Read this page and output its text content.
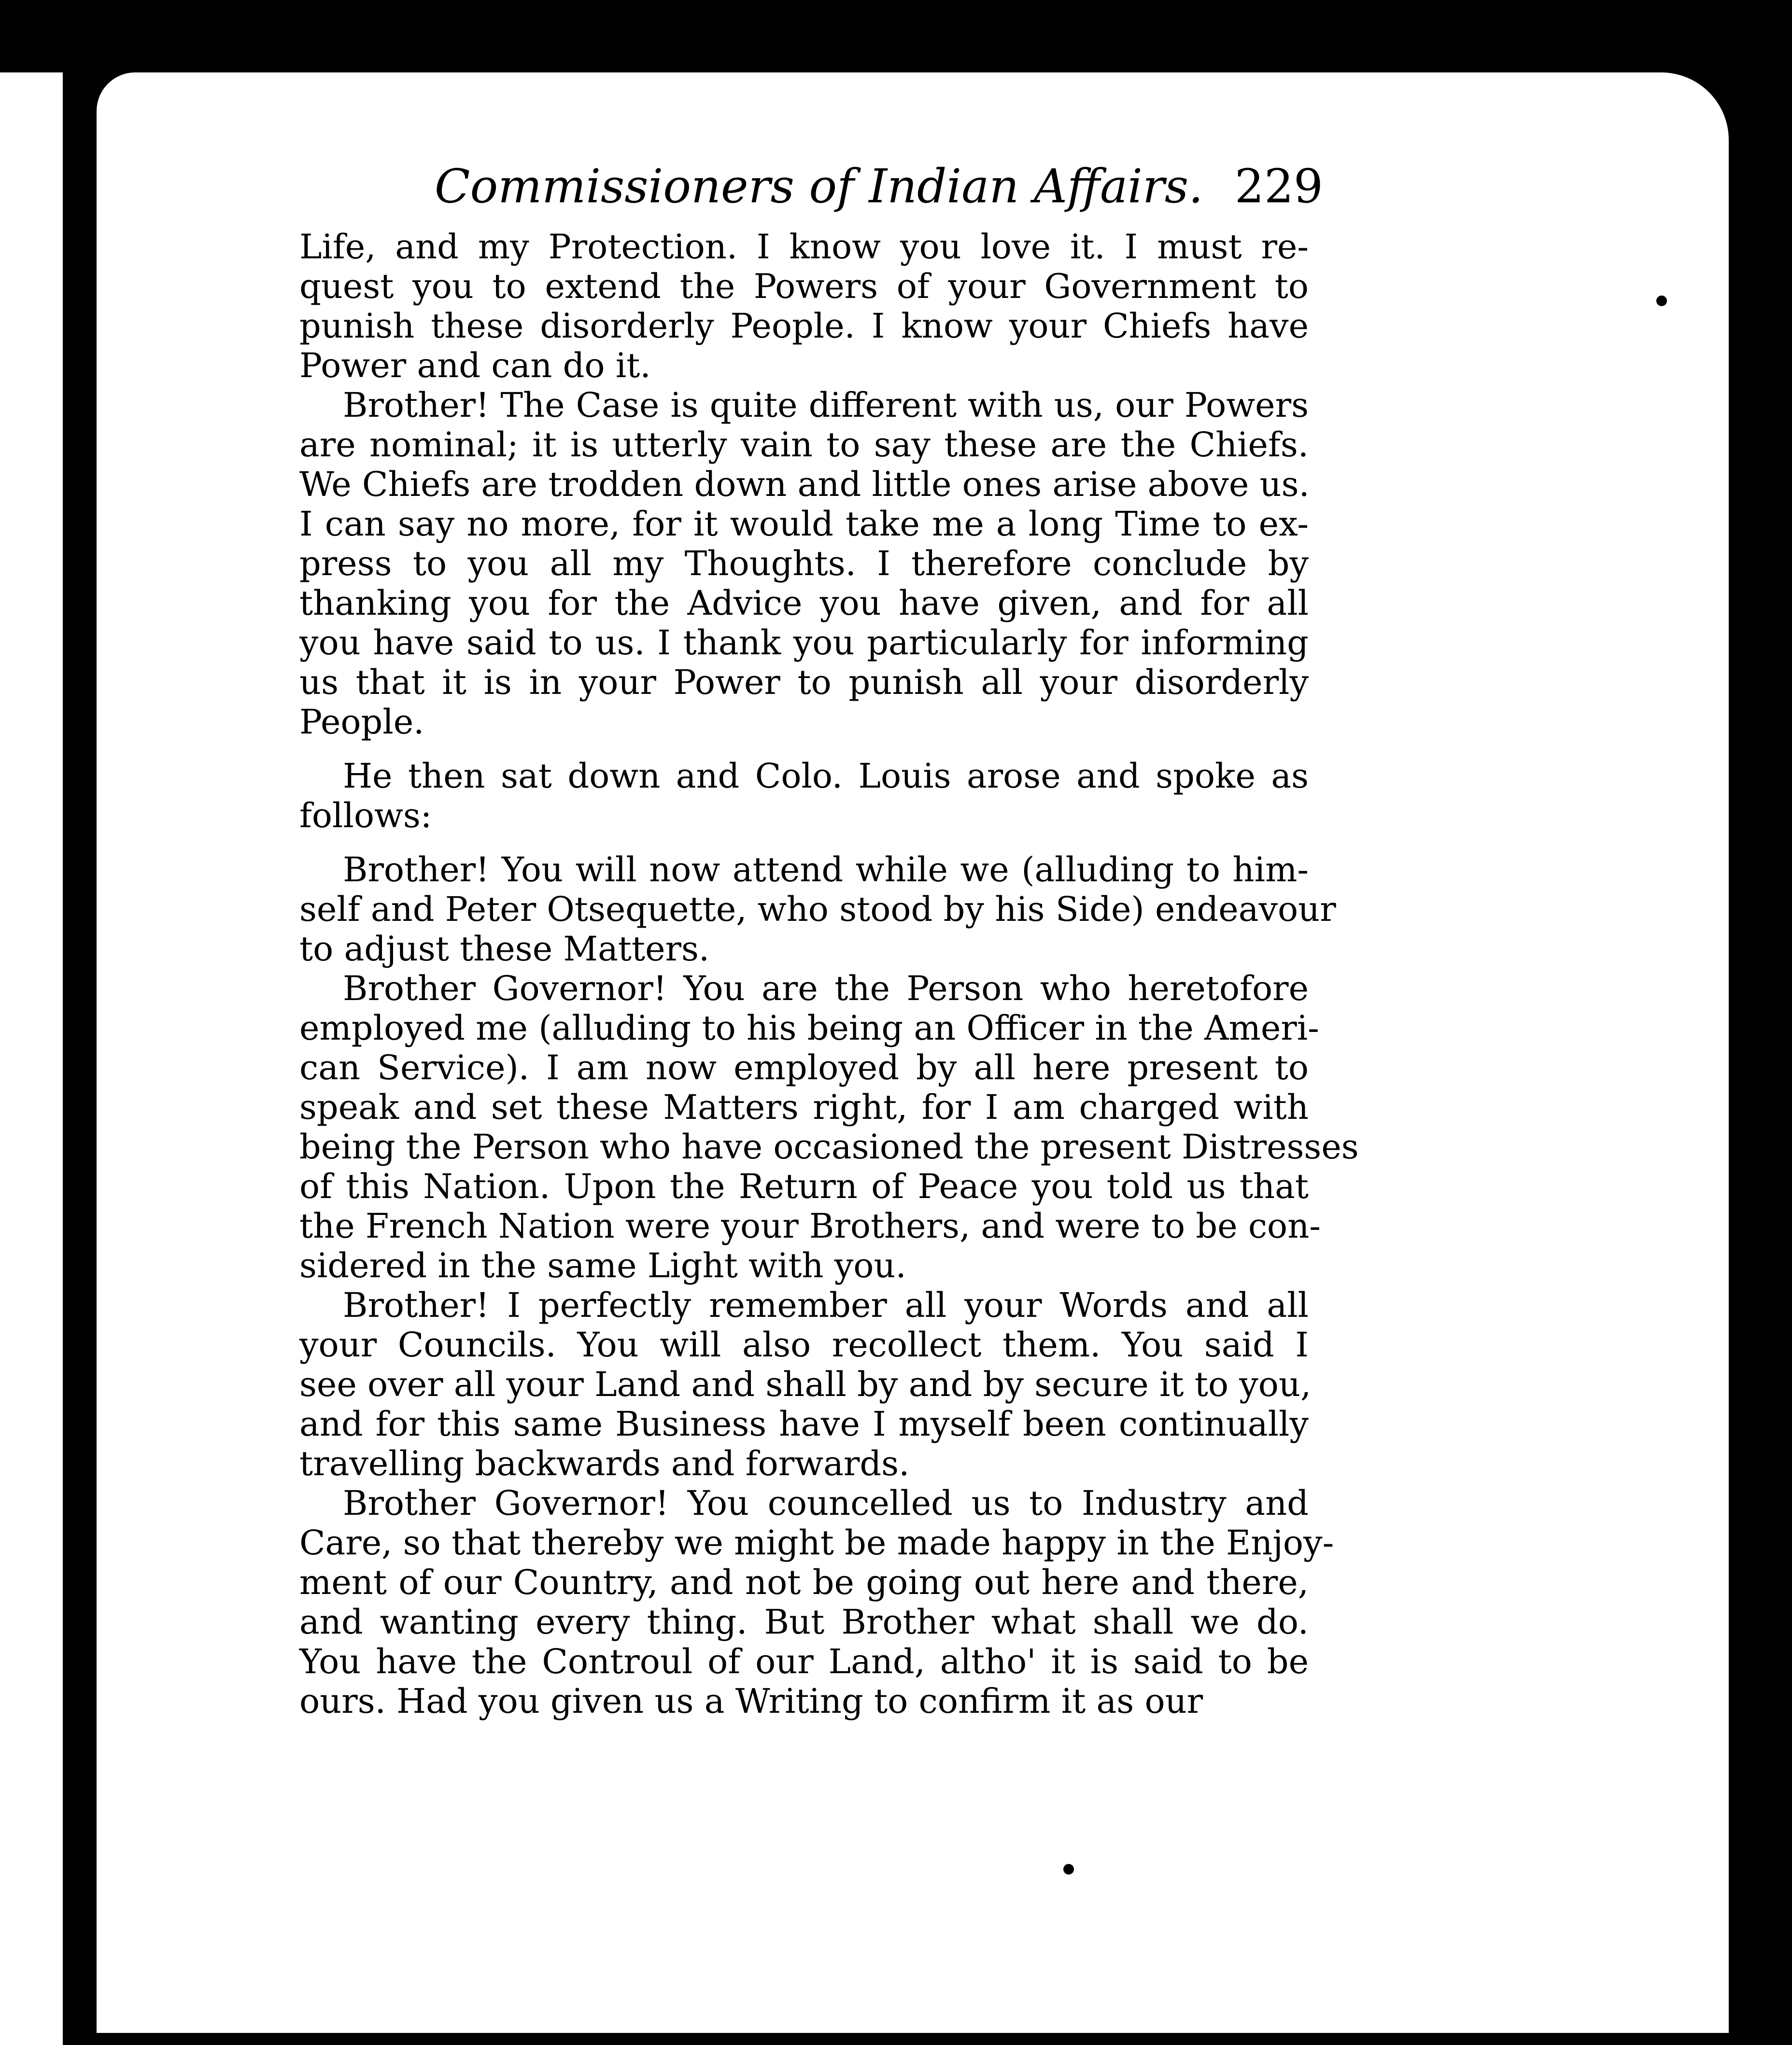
Commissioners of Indian Affairs. 229
Life, and my Protection. I know you love it. I must re-
quest you to extend the Powers of your Government to
punish these disorderly People. I know your Chiefs have
Power and can do it.
Brother! The Case is quite different with us, our Powers
are nominal; it is utterly vain to say these are the Chiefs.
We Chiefs are trodden down and little ones arise above us.
I can say no more, for it would take me a long Time to ex-
press to you all my Thoughts. I therefore conclude by
thanking you for the Advice you have given, and for all
you have said to us. I thank you particularly for informing
us that it is in your Power to punish all your disorderly
People.
He then sat down and Colo. Louis arose and spoke as
follows:
Brother! You will now attend while we (alluding to him-
self and Peter Otsequette, who stood by his Side) endeavour
to adjust these Matters.
Brother Governor! You are the Person who heretofore
employed me (alluding to his being an Officer in the Ameri-
can Service). I am now employed by all here present to
speak and set these Matters right, for I am charged with
being the Person who have occasioned the present Distresses
of this Nation. Upon the Return of Peace you told us that
the French Nation were your Brothers, and were to be con-
sidered in the same Light with you.
Brother! I perfectly remember all your Words and all
your Councils. You will also recollect them. You said I
see over all your Land and shall by and by secure it to you,
and for this same Business have I myself been continually
travelling backwards and forwards.
Brother Governor! You councelled us to Industry and
Care, so that thereby we might be made happy in the Enjoy-
ment of our Country, and not be going out here and there,
and wanting every thing. But Brother what shall we do.
You have the Controul of our Land, altho' it is said to be
ours. Had you given us a Writing to confirm it as our
